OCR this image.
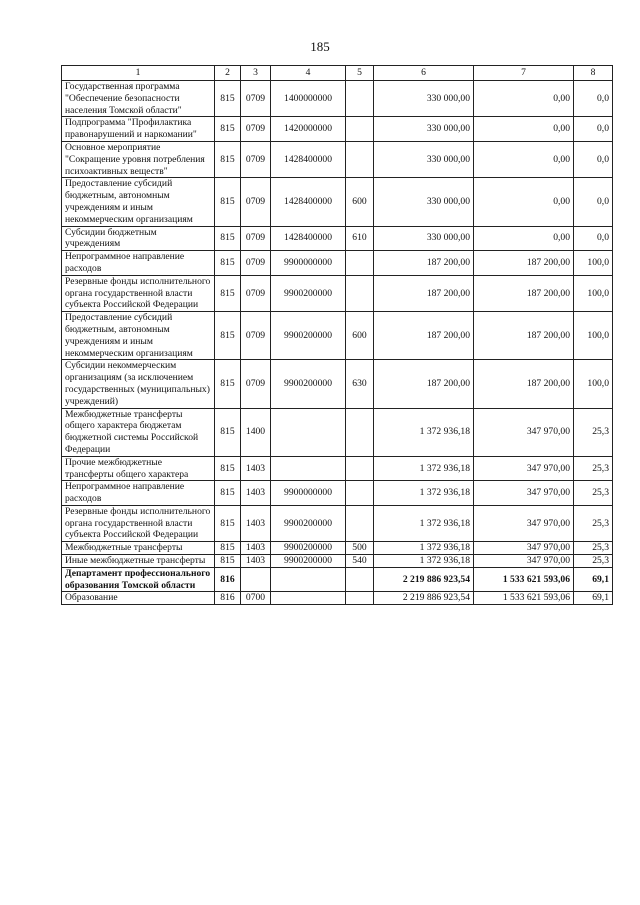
185
1	2	3	4	5	6	7	8
Государственная программа "Обеспечение безопасности населения Томской области"	815	0709	1400000000		330 000,00	0,00	0,0
Подпрограмма "Профилактика правонарушений и наркомании"	815	0709	1420000000		330 000,00	0,00	0,0
Основное мероприятие "Сокращение уровня потребления психоактивных веществ"	815	0709	1428400000		330 000,00	0,00	0,0
Предоставление субсидий бюджетным, автономным учреждениям и иным некоммерческим организациям	815	0709	1428400000	600	330 000,00	0,00	0,0
Субсидии бюджетным учреждениям	815	0709	1428400000	610	330 000,00	0,00	0,0
Непрограммное направление расходов	815	0709	9900000000		187 200,00	187 200,00	100,0
Резервные фонды исполнительного органа государственной власти субъекта Российской Федерации	815	0709	9900200000		187 200,00	187 200,00	100,0
Предоставление субсидий бюджетным, автономным учреждениям и иным некоммерческим организациям	815	0709	9900200000	600	187 200,00	187 200,00	100,0
Субсидии некоммерческим организациям (за исключением государственных (муниципальных) учреждений)	815	0709	9900200000	630	187 200,00	187 200,00	100,0
Межбюджетные трансферты общего характера бюджетам бюджетной системы Российской Федерации	815	1400			1 372 936,18	347 970,00	25,3
Прочие межбюджетные трансферты общего характера	815	1403			1 372 936,18	347 970,00	25,3
Непрограммное направление расходов	815	1403	9900000000		1 372 936,18	347 970,00	25,3
Резервные фонды исполнительного органа государственной власти субъекта Российской Федерации	815	1403	9900200000		1 372 936,18	347 970,00	25,3
Межбюджетные трансферты	815	1403	9900200000	500	1 372 936,18	347 970,00	25,3
Иные межбюджетные трансферты	815	1403	9900200000	540	1 372 936,18	347 970,00	25,3
Департамент профессионального образования Томской области	816				2 219 886 923,54	1 533 621 593,06	69,1
Образование	816	0700			2 219 886 923,54	1 533 621 593,06	69,1
